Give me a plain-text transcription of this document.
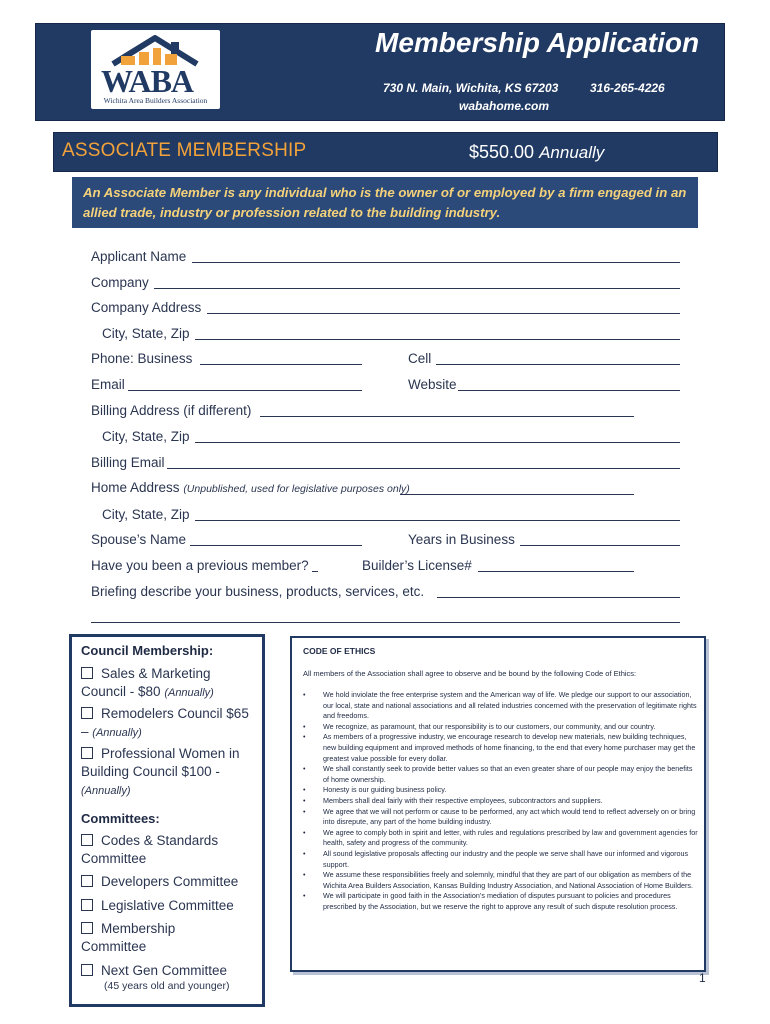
WABA
Wichita Area Builders Association
Membership Application
730 N. Main, Wichita, KS 67203	316-265-4226
wabahome.com
ASSOCIATE MEMBERSHIP	$550.00 Annually
An Associate Member is any individual who is the owner of or employed by a firm engaged in an allied trade, industry or profession related to the building industry.
Applicant Name
Company
Company Address
City, State, Zip
Phone: Business	Cell
Email	Website
Billing Address (if different)
City, State, Zip
Billing Email
Home Address (Unpublished, used for legislative purposes only)
City, State, Zip
Spouse’s Name	Years in Business
Have you been a previous member?	Builder’s License#
Briefing describe your business, products, services, etc.
Council Membership:
Sales & Marketing Council - $80 (Annually)
Remodelers Council $65 – (Annually)
Professional Women in Building Council $100 - (Annually)
Committees:
Codes & Standards Committee
Developers Committee
Legislative Committee
Membership Committee
Next Gen Committee
(45 years old and younger)
CODE OF ETHICS
All members of the Association shall agree to observe and be bound by the following Code of Ethics:
• We hold inviolate the free enterprise system and the American way of life. We pledge our support to our association, our local, state and national associations and all related industries concerned with the preservation of legitimate rights and freedoms.
• We recognize, as paramount, that our responsibility is to our customers, our community, and our country.
• As members of a progressive industry, we encourage research to develop new materials, new building techniques, new building equipment and improved methods of home financing, to the end that every home purchaser may get the greatest value possible for every dollar.
• We shall constantly seek to provide better values so that an even greater share of our people may enjoy the benefits of home ownership.
• Honesty is our guiding business policy.
• Members shall deal fairly with their respective employees, subcontractors and suppliers.
• We agree that we will not perform or cause to be performed, any act which would tend to reflect adversely on or bring into disrepute, any part of the home building industry.
• We agree to comply both in spirit and letter, with rules and regulations prescribed by law and government agencies for health, safety and progress of the community.
• All sound legislative proposals affecting our industry and the people we serve shall have our informed and vigorous support.
• We assume these responsibilities freely and solemnly, mindful that they are part of our obligation as members of the Wichita Area Builders Association, Kansas Building Industry Association, and National Association of Home Builders.
• We will participate in good faith in the Association’s mediation of disputes pursuant to policies and procedures prescribed by the Association, but we reserve the right to approve any result of such dispute resolution process.
1
